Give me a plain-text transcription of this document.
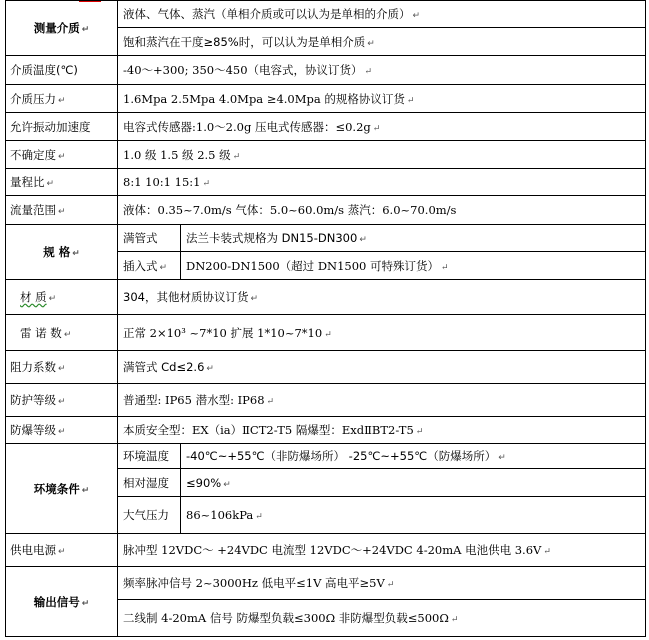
测量介质 ↵	液体、气体、蒸汽（单相介质或可以认为是单相的介质） ↵	
	饱和蒸汽在干度≥85%时，可以认为是单相介质 ↵	
介质温度(℃)	-40～+300; 350～450（电容式，协议订货） ↵	
介质压力 ↵	1.6Mpa 2.5Mpa 4.0Mpa ≥4.0Mpa 的规格协议订货 ↵	
允许振动加速度	电容式传感器:1.0～2.0g 压电式传感器：≤0.2g ↵	
不确定度 ↵	1.0 级 1.5 级 2.5 级 ↵	
量程比 ↵	8:1 10:1 15:1 ↵	
流量范围 ↵	液体：0.35~7.0m/s 气体：5.0~60.0m/s 蒸汽：6.0~70.0m/s	
规 格 ↵	满管式	法兰卡装式规格为 DN15-DN300 ↵
	插入式 ↵	DN200-DN1500（超过 DN1500 可特殊订货） ↵
材 质 ↵	304，其他材质协议订货 ↵	
雷 诺 数 ↵	正常 2×10³ ~7*10 扩展 1*10~7*10 ↵	
阻力系数 ↵	满管式 Cd≤2.6 ↵	
防护等级 ↵	普通型: IP65 潜水型: IP68 ↵	
防爆等级 ↵	本质安全型：EX（ia）ⅡCT2-T5 隔爆型：ExdⅡBT2-T5 ↵	
环境条件 ↵	环境温度	-40℃~+55℃（非防爆场所） -25℃~+55℃（防爆场所） ↵
	相对湿度	≤90% ↵
	大气压力	86~106kPa ↵
供电电源 ↵	脉冲型 12VDC～ +24VDC 电流型 12VDC～+24VDC 4-20mA 电池供电 3.6V ↵	
输出信号 ↵	频率脉冲信号 2~3000Hz 低电平≤1V 高电平≥5V ↵	
	二线制 4-20mA 信号 防爆型负载≤300Ω 非防爆型负载≤500Ω ↵	
